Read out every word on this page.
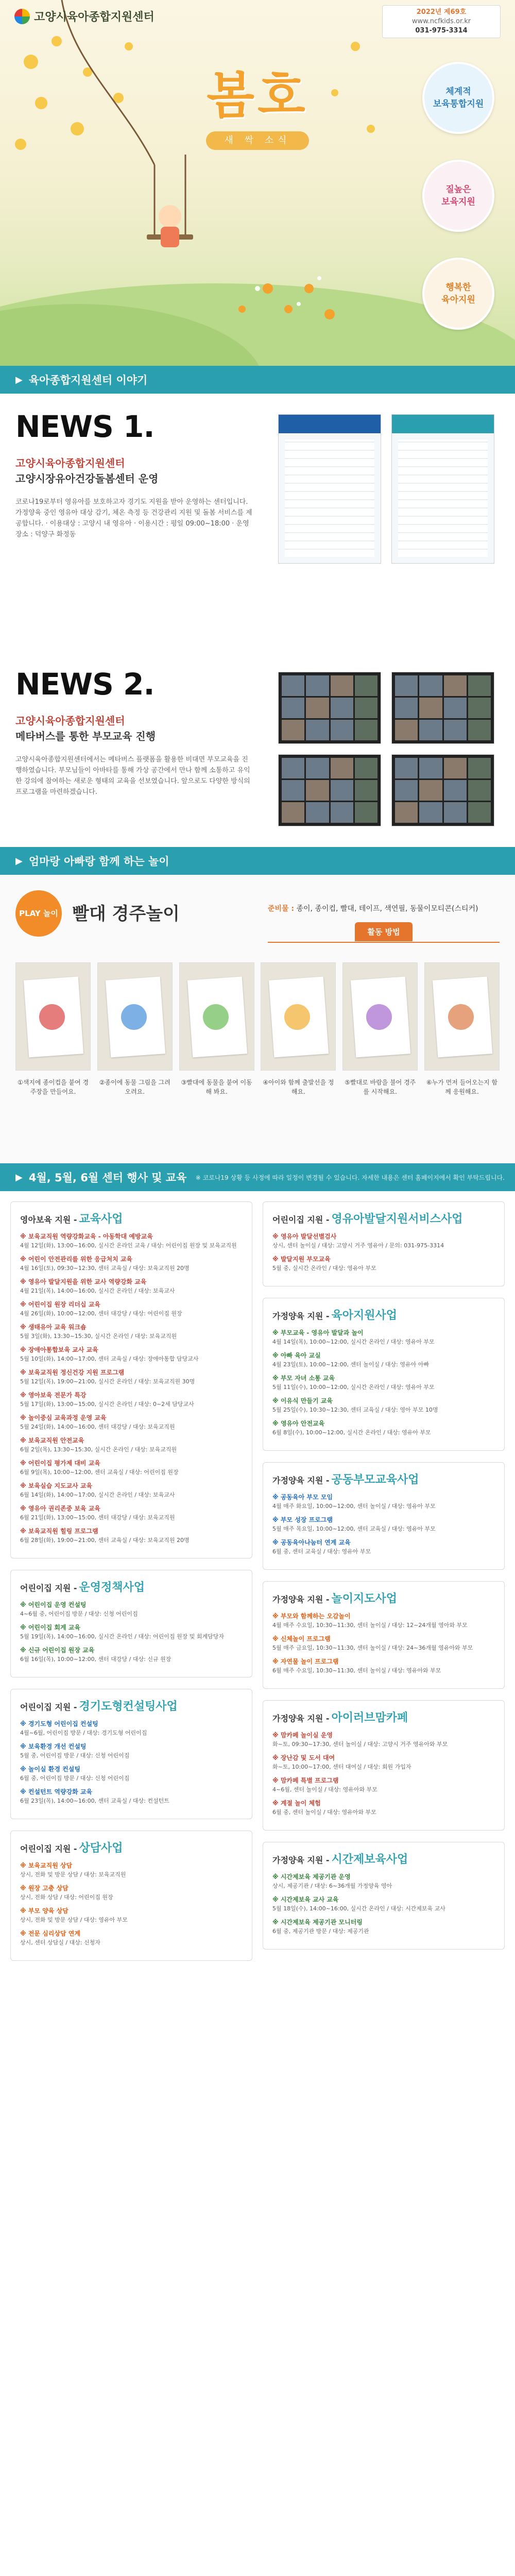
고양시육아종합지원센터	2022년 제69호
www.ncfkids.or.kr
031-975-3314
봄호
새 싹 소식
체계적
보육통합지원
질높은
보육지원
행복한
육아지원
▶ 육아종합지원센터 이야기
NEWS 1.
고양시육아종합지원센터
고양시장유아건강돌봄센터 운영

코로나19로부터 영유아를 보호하고자 경기도 지원을 받아 운영하는 센터입니다. 가정양육 중인 영유아 대상 감기, 체온 측정 등 건강관리 지원 및 돌봄 서비스를 제공합니다. · 이용대상 : 고양시 내 영유아 · 이용시간 : 평일 09:00~18:00 · 운영장소 : 덕양구 화정동

NEWS 2.
고양시육아종합지원센터
메타버스를 통한 부모교육 진행

고양시육아종합지원센터에서는 메타버스 플랫폼을 활용한 비대면 부모교육을 진행하였습니다. 부모님들이 아바타를 통해 가상 공간에서 만나 함께 소통하고 유익한 강의에 참여하는 새로운 형태의 교육을 선보였습니다. 앞으로도 다양한 방식의 프로그램을 마련하겠습니다.

▶ 엄마랑 아빠랑 함께 하는 놀이
PLAY 놀이 빨대 경주놀이	준비물 : 종이, 종이컵, 빨대, 테이프, 색연필, 동물이모티콘(스티커)
활동 방법

①색지에 종이컵을 붙여 경주장을 만들어요.

②종이에 동물 그림을 그려 오려요.

③빨대에 동물을 붙여 이동해 봐요.

④아이와 함께 출발선을 정해요.

⑤빨대로 바람을 불어 경주를 시작해요.

⑥누가 먼저 들어오는지 함께 응원해요.

▶ 4월, 5월, 6월 센터 행사 및 교육 ※ 코로나19 상황 등 사정에 따라 일정이 변경될 수 있습니다. 자세한 내용은 센터 홈페이지에서 확인 부탁드립니다.
영아보육 지원 - 교육사업
※ 보육교직원 역량강화교육 - 아동학대 예방교육
4월 12일(화), 13:00~16:00, 실시간 온라인 교육 / 대상: 어린이집 원장 및 보육교직원
※ 어린이 안전관리를 위한 응급처치 교육
4월 16일(토), 09:30~12:30, 센터 교육실 / 대상: 보육교직원 20명
※ 영유아 발달지원을 위한 교사 역량강화 교육
4월 21일(목), 14:00~16:00, 실시간 온라인 / 대상: 보육교사
※ 어린이집 원장 리더십 교육
4월 26일(화), 10:00~12:00, 센터 대강당 / 대상: 어린이집 원장
※ 생태유아 교육 워크숍
5월 3일(화), 13:30~15:30, 실시간 온라인 / 대상: 보육교직원
※ 장애아통합보육 교사 교육
5월 10일(화), 14:00~17:00, 센터 교육실 / 대상: 장애아통합 담당교사
※ 보육교직원 정신건강 지원 프로그램
5월 12일(목), 19:00~21:00, 실시간 온라인 / 대상: 보육교직원 30명
※ 영아보육 전문가 특강
5월 17일(화), 13:00~15:00, 실시간 온라인 / 대상: 0~2세 담당교사
※ 놀이중심 교육과정 운영 교육
5월 24일(화), 14:00~16:00, 센터 대강당 / 대상: 보육교직원
※ 보육교직원 안전교육
6월 2일(목), 13:30~15:30, 실시간 온라인 / 대상: 보육교직원
※ 어린이집 평가제 대비 교육
6월 9일(목), 10:00~12:00, 센터 교육실 / 대상: 어린이집 원장
※ 보육실습 지도교사 교육
6월 14일(화), 14:00~17:00, 실시간 온라인 / 대상: 보육교사
※ 영유아 권리존중 보육 교육
6월 21일(화), 13:00~15:00, 센터 대강당 / 대상: 보육교직원
※ 보육교직원 힐링 프로그램
6월 28일(화), 19:00~21:00, 센터 교육실 / 대상: 보육교직원 20명
어린이집 지원 - 운영정책사업
※ 어린이집 운영 컨설팅
4~6월 중, 어린이집 방문 / 대상: 신청 어린이집
※ 어린이집 회계 교육
5월 19일(목), 14:00~16:00, 실시간 온라인 / 대상: 어린이집 원장 및 회계담당자
※ 신규 어린이집 원장 교육
6월 16일(목), 10:00~12:00, 센터 대강당 / 대상: 신규 원장
어린이집 지원 - 경기도형컨설팅사업
※ 경기도형 어린이집 컨설팅
4월~6월, 어린이집 방문 / 대상: 경기도형 어린이집
※ 보육환경 개선 컨설팅
5월 중, 어린이집 방문 / 대상: 신청 어린이집
※ 놀이실 환경 컨설팅
6월 중, 어린이집 방문 / 대상: 신청 어린이집
※ 컨설턴트 역량강화 교육
6월 23일(목), 14:00~16:00, 센터 교육실 / 대상: 컨설턴트
어린이집 지원 - 상담사업
※ 보육교직원 상담
상시, 전화 및 방문 상담 / 대상: 보육교직원
※ 원장 고충 상담
상시, 전화 상담 / 대상: 어린이집 원장
※ 부모 양육 상담
상시, 전화 및 방문 상담 / 대상: 영유아 부모
※ 전문 심리상담 연계
상시, 센터 상담실 / 대상: 신청자
어린이집 지원 - 영유아발달지원서비스사업
※ 영유아 발달선별검사
상시, 센터 놀이실 / 대상: 고양시 거주 영유아 / 문의: 031-975-3314
※ 발달지원 부모교육
5월 중, 실시간 온라인 / 대상: 영유아 부모
가정양육 지원 - 육아지원사업
※ 부모교육 - 영유아 발달과 놀이
4월 14일(목), 10:00~12:00, 실시간 온라인 / 대상: 영유아 부모
※ 아빠 육아 교실
4월 23일(토), 10:00~12:00, 센터 놀이실 / 대상: 영유아 아빠
※ 부모 자녀 소통 교육
5월 11일(수), 10:00~12:00, 실시간 온라인 / 대상: 영유아 부모
※ 이유식 만들기 교육
5월 25일(수), 10:30~12:30, 센터 교육실 / 대상: 영아 부모 10명
※ 영유아 안전교육
6월 8일(수), 10:00~12:00, 실시간 온라인 / 대상: 영유아 부모
가정양육 지원 - 공동부모교육사업
※ 공동육아 부모 모임
4월 매주 화요일, 10:00~12:00, 센터 놀이실 / 대상: 영유아 부모
※ 부모 성장 프로그램
5월 매주 목요일, 10:00~12:00, 센터 교육실 / 대상: 영유아 부모
※ 공동육아나눔터 연계 교육
6월 중, 센터 교육실 / 대상: 영유아 부모
가정양육 지원 - 놀이지도사업
※ 부모와 함께하는 오감놀이
4월 매주 수요일, 10:30~11:30, 센터 놀이실 / 대상: 12~24개월 영아와 부모
※ 신체놀이 프로그램
5월 매주 금요일, 10:30~11:30, 센터 놀이실 / 대상: 24~36개월 영유아와 부모
※ 자연물 놀이 프로그램
6월 매주 수요일, 10:30~11:30, 센터 놀이실 / 대상: 영유아와 부모
가정양육 지원 - 아이러브맘카페
※ 맘카페 놀이실 운영
화~토, 09:30~17:30, 센터 놀이실 / 대상: 고양시 거주 영유아와 부모
※ 장난감 및 도서 대여
화~토, 10:00~17:00, 센터 대여실 / 대상: 회원 가입자
※ 맘카페 특별 프로그램
4~6월, 센터 놀이실 / 대상: 영유아와 부모
※ 계절 놀이 체험
6월 중, 센터 놀이실 / 대상: 영유아와 부모
가정양육 지원 - 시간제보육사업
※ 시간제보육 제공기관 운영
상시, 제공기관 / 대상: 6~36개월 가정양육 영아
※ 시간제보육 교사 교육
5월 18일(수), 14:00~16:00, 실시간 온라인 / 대상: 시간제보육 교사
※ 시간제보육 제공기관 모니터링
6월 중, 제공기관 방문 / 대상: 제공기관
